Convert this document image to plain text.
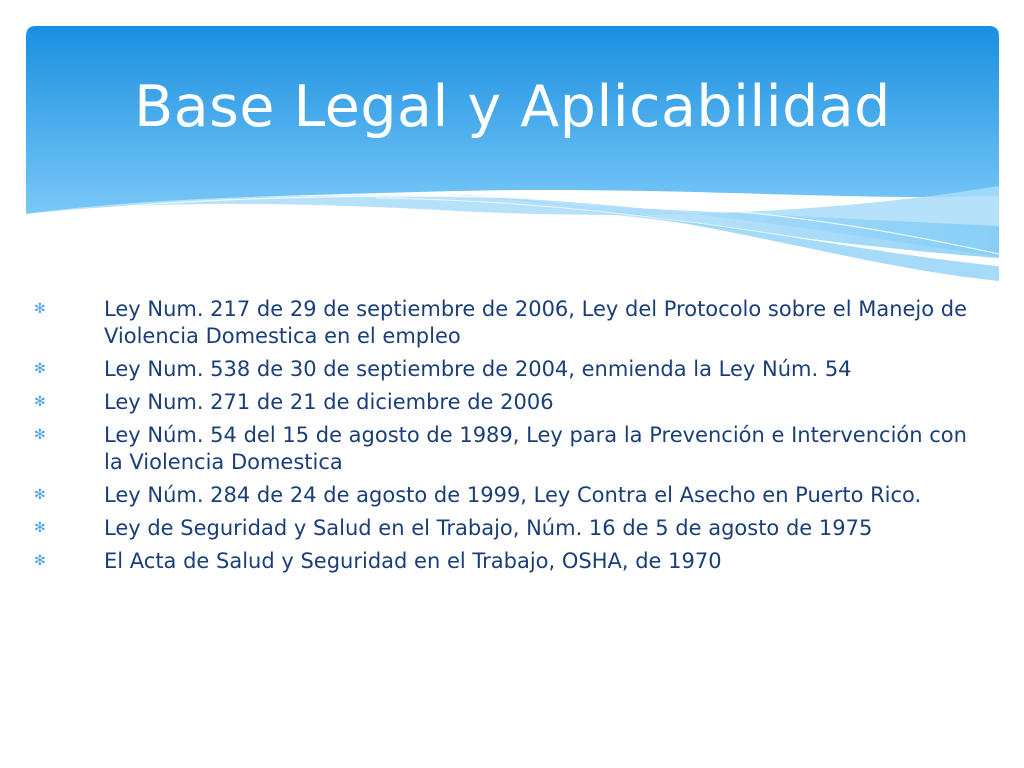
Base Legal y Aplicabilidad
✻	Ley Num. 217 de 29 de septiembre de 2006, Ley del Protocolo sobre el Manejo de Violencia Domestica en el empleo
✻	Ley Num. 538 de 30 de septiembre de 2004, enmienda la Ley Núm. 54
✻	Ley Num. 271 de 21 de diciembre de 2006
✻	Ley Núm. 54 del 15 de agosto de 1989, Ley para la Prevención e Intervención con la Violencia Domestica
✻	Ley Núm. 284 de 24 de agosto de 1999, Ley Contra el Asecho en Puerto Rico.
✻	Ley de Seguridad y Salud en el Trabajo, Núm. 16 de 5 de agosto de 1975
✻	El Acta de Salud y Seguridad en el Trabajo, OSHA, de 1970
